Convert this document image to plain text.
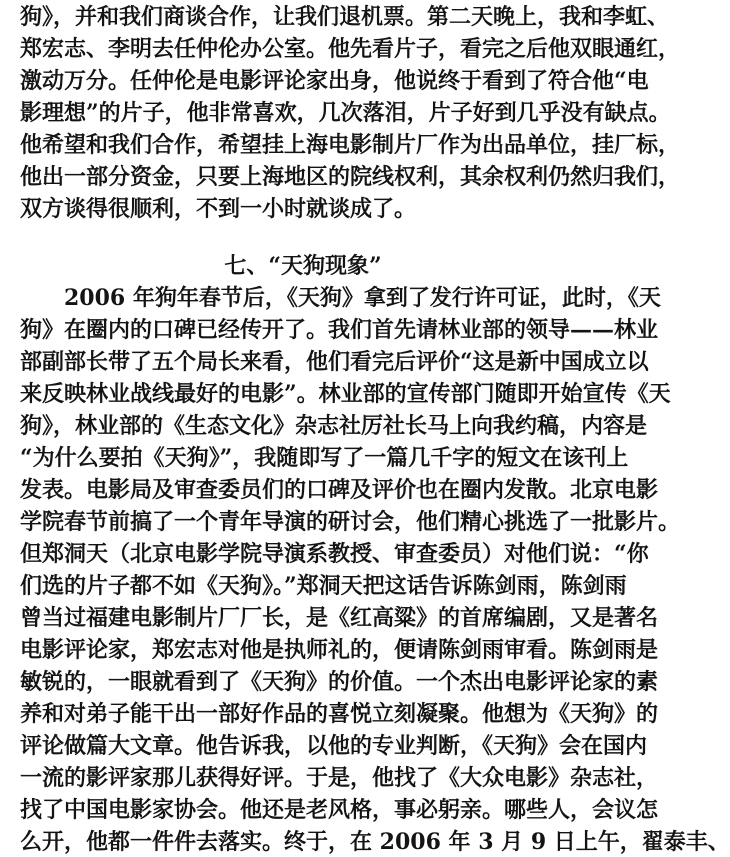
狗》，并和我们商谈合作，让我们退机票。第二天晚上，我和李虹、
郑宏志、李明去任仲伦办公室。他先看片子，看完之后他双眼通红，
激动万分。任仲伦是电影评论家出身，他说终于看到了符合他“电
影理想”的片子，他非常喜欢，几次落泪，片子好到几乎没有缺点。
他希望和我们合作，希望挂上海电影制片厂作为出品单位，挂厂标，
他出一部分资金，只要上海地区的院线权利，其余权利仍然归我们，
双方谈得很顺利，不到一小时就谈成了。
七、“天狗现象”
2006 年狗年春节后，《天狗》拿到了发行许可证，此时，《天
狗》在圈内的口碑已经传开了。我们首先请林业部的领导——林业
部副部长带了五个局长来看，他们看完后评价“这是新中国成立以
来反映林业战线最好的电影”。林业部的宣传部门随即开始宣传《天
狗》，林业部的《生态文化》杂志社厉社长马上向我约稿，内容是
“为什么要拍《天狗》”，我随即写了一篇几千字的短文在该刊上
发表。电影局及审查委员们的口碑及评价也在圈内发散。北京电影
学院春节前搞了一个青年导演的研讨会，他们精心挑选了一批影片。
但郑洞天（北京电影学院导演系教授、审查委员）对他们说：“你
们选的片子都不如《天狗》。”郑洞天把这话告诉陈剑雨，陈剑雨
曾当过福建电影制片厂厂长，是《红高粱》的首席编剧，又是著名
电影评论家，郑宏志对他是执师礼的，便请陈剑雨审看。陈剑雨是
敏锐的，一眼就看到了《天狗》的价值。一个杰出电影评论家的素
养和对弟子能干出一部好作品的喜悦立刻凝聚。他想为《天狗》的
评论做篇大文章。他告诉我，以他的专业判断，《天狗》会在国内
一流的影评家那儿获得好评。于是，他找了《大众电影》杂志社，
找了中国电影家协会。他还是老风格，事必躬亲。哪些人，会议怎
么开，他都一件件去落实。终于，在 2006 年 3 月 9 日上午，翟泰丰、
